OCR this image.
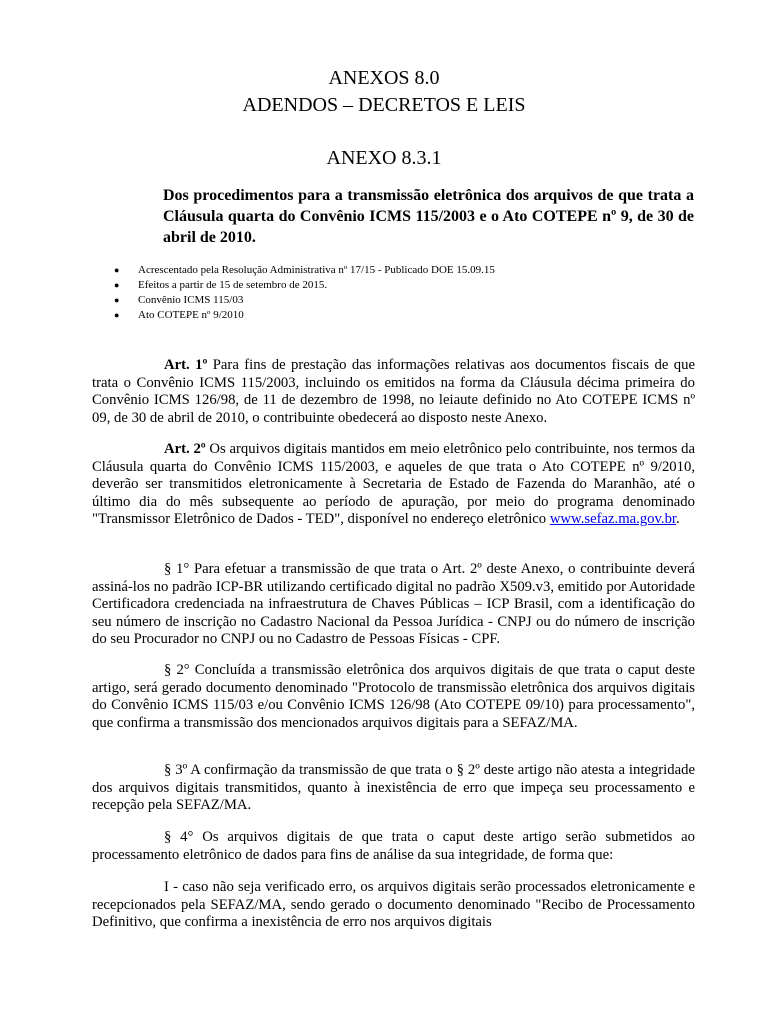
ANEXOS 8.0
ADENDOS – DECRETOS E LEIS
ANEXO 8.3.1

Dos procedimentos para a transmissão eletrônica dos arquivos de que trata a Cláusula quarta do Convênio ICMS 115/2003 e o Ato COTEPE nº 9, de 30 de abril de 2010.

● Acrescentado pela Resolução Administrativa nº 17/15 - Publicado DOE 15.09.15
● Efeitos a partir de 15 de setembro de 2015.
● Convênio ICMS 115/03
● Ato COTEPE nº 9/2010

Art. 1º Para fins de prestação das informações relativas aos documentos fiscais de que trata o Convênio ICMS 115/2003, incluindo os emitidos na forma da Cláusula décima primeira do Convênio ICMS 126/98, de 11 de dezembro de 1998, no leiaute definido no Ato COTEPE ICMS nº 09, de 30 de abril de 2010, o contribuinte obedecerá ao disposto neste Anexo.

Art. 2º Os arquivos digitais mantidos em meio eletrônico pelo contribuinte, nos termos da Cláusula quarta do Convênio ICMS 115/2003, e aqueles de que trata o Ato COTEPE nº 9/2010, deverão ser transmitidos eletronicamente à Secretaria de Estado de Fazenda do Maranhão, até o último dia do mês subsequente ao período de apuração, por meio do programa denominado "Transmissor Eletrônico de Dados - TED", disponível no endereço eletrônico www.sefaz.ma.gov.br.

§ 1° Para efetuar a transmissão de que trata o Art. 2º deste Anexo, o contribuinte deverá assiná-los no padrão ICP-BR utilizando certificado digital no padrão X509.v3, emitido por Autoridade Certificadora credenciada na infraestrutura de Chaves Públicas – ICP Brasil, com a identificação do seu número de inscrição no Cadastro Nacional da Pessoa Jurídica - CNPJ ou do número de inscrição do seu Procurador no CNPJ ou no Cadastro de Pessoas Físicas - CPF.

§ 2° Concluída a transmissão eletrônica dos arquivos digitais de que trata o caput deste artigo, será gerado documento denominado "Protocolo de transmissão eletrônica dos arquivos digitais do Convênio ICMS 115/03 e/ou Convênio ICMS 126/98 (Ato COTEPE 09/10) para processamento", que confirma a transmissão dos mencionados arquivos digitais para a SEFAZ/MA.

§ 3º A confirmação da transmissão de que trata o § 2º deste artigo não atesta a integridade dos arquivos digitais transmitidos, quanto à inexistência de erro que impeça seu processamento e recepção pela SEFAZ/MA.

§ 4° Os arquivos digitais de que trata o caput deste artigo serão submetidos ao processamento eletrônico de dados para fins de análise da sua integridade, de forma que:

I - caso não seja verificado erro, os arquivos digitais serão processados eletronicamente e recepcionados pela SEFAZ/MA, sendo gerado o documento denominado "Recibo de Processamento Definitivo, que confirma a inexistência de erro nos arquivos digitais
